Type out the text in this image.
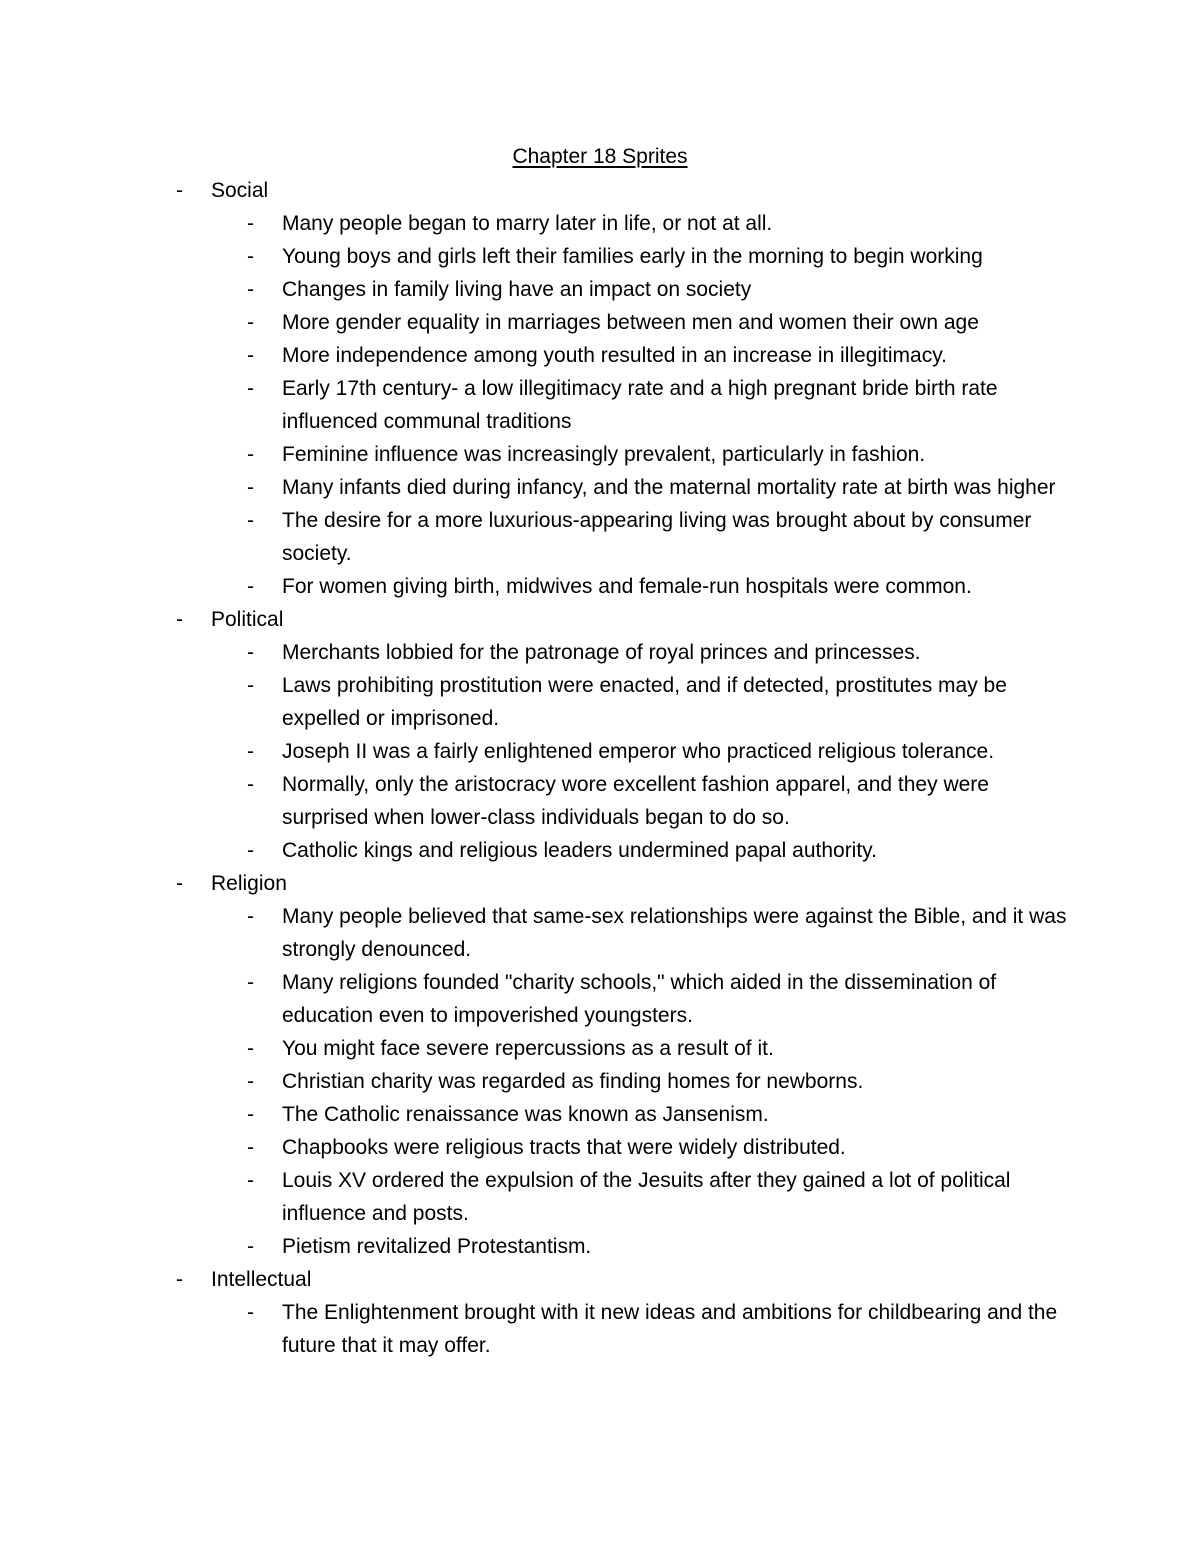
Chapter 18 Sprites
- Social
- Many people began to marry later in life, or not at all.
- Young boys and girls left their families early in the morning to begin working
- Changes in family living have an impact on society
- More gender equality in marriages between men and women their own age
- More independence among youth resulted in an increase in illegitimacy.
- Early 17th century- a low illegitimacy rate and a high pregnant bride birth rate influenced communal traditions
- Feminine influence was increasingly prevalent, particularly in fashion.
- Many infants died during infancy, and the maternal mortality rate at birth was higher
- The desire for a more luxurious-appearing living was brought about by consumer society.
- For women giving birth, midwives and female-run hospitals were common.
- Political
- Merchants lobbied for the patronage of royal princes and princesses.
- Laws prohibiting prostitution were enacted, and if detected, prostitutes may be expelled or imprisoned.
- Joseph II was a fairly enlightened emperor who practiced religious tolerance.
- Normally, only the aristocracy wore excellent fashion apparel, and they were surprised when lower-class individuals began to do so.
- Catholic kings and religious leaders undermined papal authority.
- Religion
- Many people believed that same-sex relationships were against the Bible, and it was strongly denounced.
- Many religions founded "charity schools," which aided in the dissemination of education even to impoverished youngsters.
- You might face severe repercussions as a result of it.
- Christian charity was regarded as finding homes for newborns.
- The Catholic renaissance was known as Jansenism.
- Chapbooks were religious tracts that were widely distributed.
- Louis XV ordered the expulsion of the Jesuits after they gained a lot of political influence and posts.
- Pietism revitalized Protestantism.
- Intellectual
- The Enlightenment brought with it new ideas and ambitions for childbearing and the future that it may offer.
